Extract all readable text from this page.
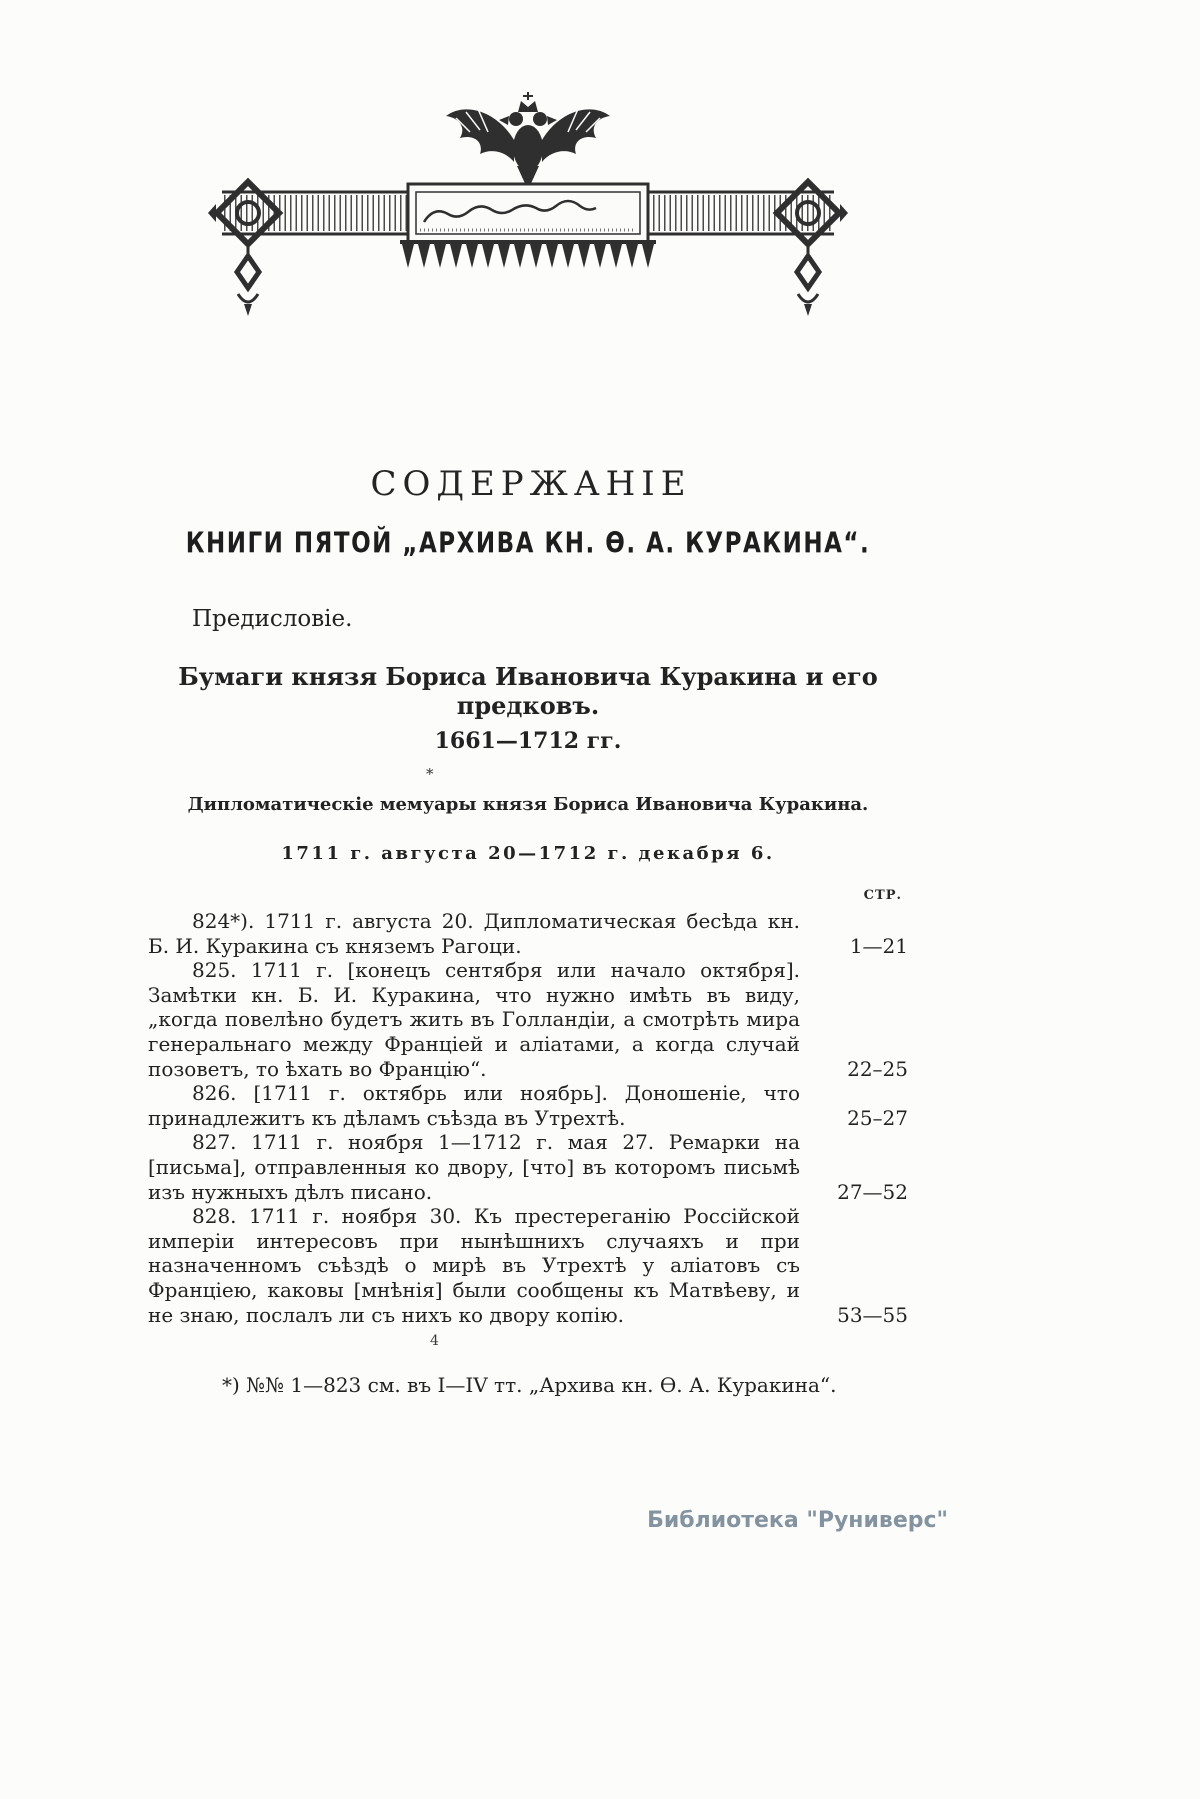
СОДЕРЖАНІЕ
КНИГИ ПЯТОЙ „АРХИВА КН. Ѳ. А. КУРАКИНА“.
Предисловіе.
Бумаги князя Бориса Ивановича Куракина и его предковъ.
1661—1712 гг.
*
Дипломатическіе мемуары князя Бориса Ивановича Куракина.
1711 г. августа 20—1712 г. декабря 6.
СТР.
824*). 1711 г. августа 20. Дипломатическая бесѣда кн. Б. И. Куракина съ княземъ Рагоци.	1—21
825. 1711 г. [конецъ сентября или начало октября]. Замѣтки кн. Б. И. Куракина, что нужно имѣть въ виду, „когда повелѣно будетъ жить въ Голландіи, а смотрѣть мира генеральнаго между Франціей и аліатами, а когда случай позоветъ, то ѣхать во Францію“.	22–25
826. [1711 г. октябрь или ноябрь]. Доношеніе, что принадлежитъ къ дѣламъ съѣзда въ Утрехтѣ.	25–27
827. 1711 г. ноября 1—1712 г. мая 27. Ремарки на [письма], отправленныя ко двору, [что] въ которомъ письмѣ изъ нужныхъ дѣлъ писано.	27—52
828. 1711 г. ноября 30. Къ престереганію Россійской имперіи интересовъ при нынѣшнихъ случаяхъ и при назначенномъ съѣздѣ о мирѣ въ Утрехтѣ у аліатовъ съ Франціею, каковы [мнѣнія] были сообщены къ Матвѣеву, и не знаю, послалъ ли съ нихъ ко двору копію.	53—55
4
*) №№ 1—823 см. въ I—IV тт. „Архива кн. Ѳ. А. Куракина“.
Библиотека "Руниверс"
